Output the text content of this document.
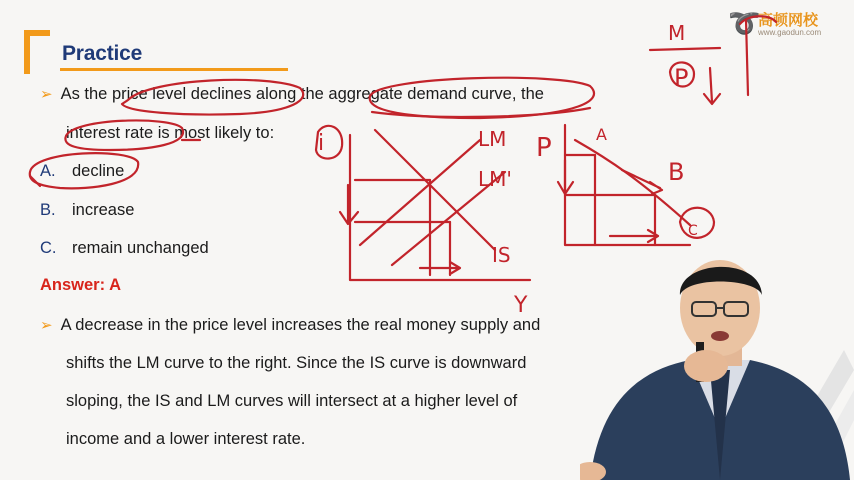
Practice
➰
高顿网校
www.gaodun.com
➢ As the price level declines along the aggregate demand curve, the
interest rate is most likely to:
A. decline
B. increase
C. remain unchanged
Answer: A
➢ A decrease in the price level increases the real money supply and
shifts the LM curve to the right. Since the IS curve is downward
sloping, the IS and LM curves will intersect at a higher level of
income and a lower interest rate.
i	LM
LM'
IS
Y
P	A
B
C
M
P
